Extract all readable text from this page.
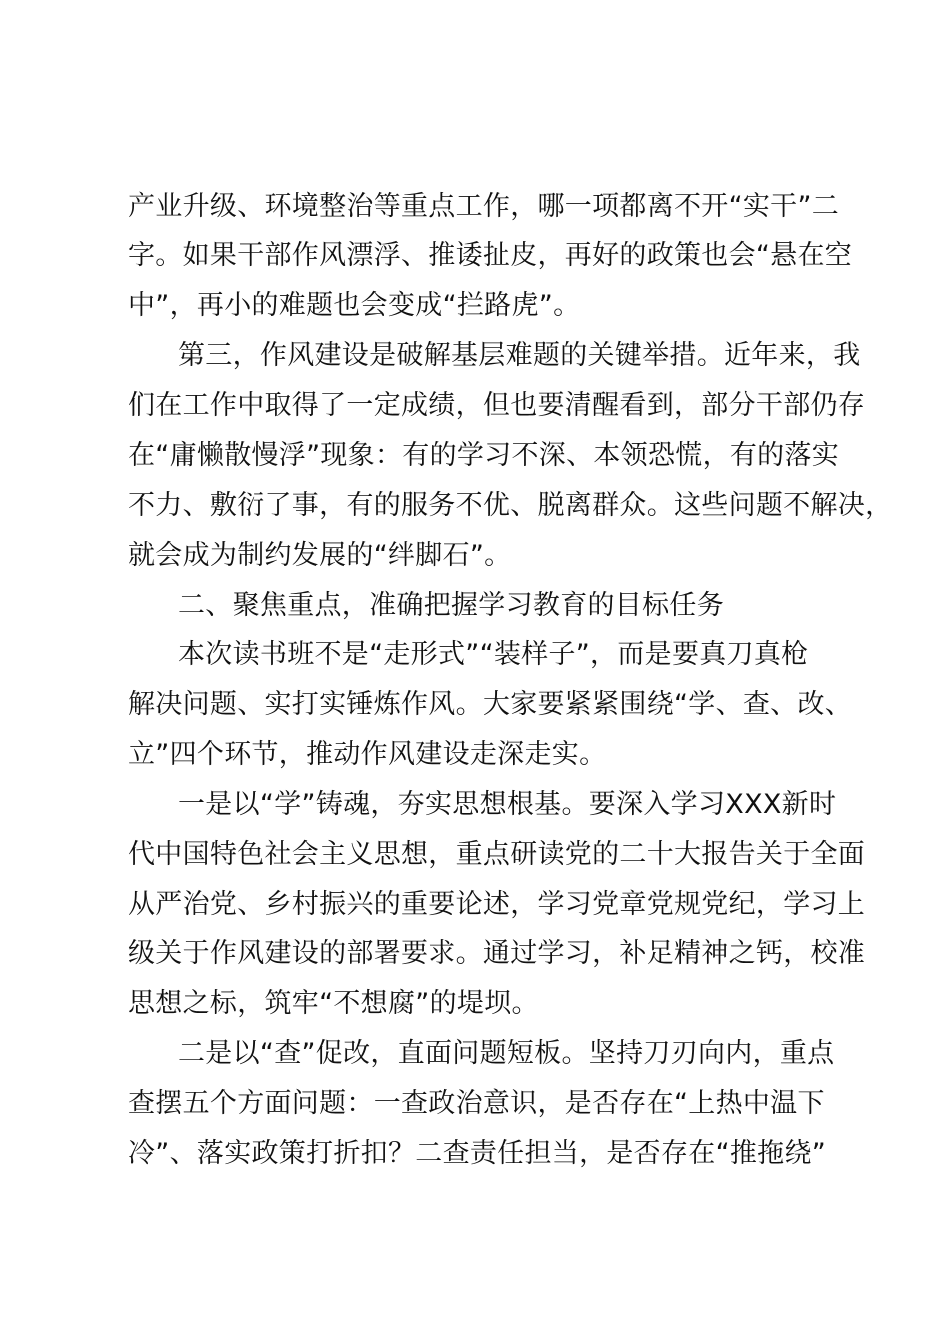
产业升级、环境整治等重点工作，哪一项都离不开“实干”二
字。如果干部作风漂浮、推诿扯皮，再好的政策也会“悬在空
中”，再小的难题也会变成“拦路虎”。
第三，作风建设是破解基层难题的关键举措。近年来，我
们在工作中取得了一定成绩，但也要清醒看到，部分干部仍存
在“庸懒散慢浮”现象：有的学习不深、本领恐慌，有的落实
不力、敷衍了事，有的服务不优、脱离群众。这些问题不解决，
就会成为制约发展的“绊脚石”。
二、聚焦重点，准确把握学习教育的目标任务
本次读书班不是“走形式”“装样子”，而是要真刀真枪
解决问题、实打实锤炼作风。大家要紧紧围绕“学、查、改、
立”四个环节，推动作风建设走深走实。
一是以“学”铸魂，夯实思想根基。要深入学习XXX新时
代中国特色社会主义思想，重点研读党的二十大报告关于全面
从严治党、乡村振兴的重要论述，学习党章党规党纪，学习上
级关于作风建设的部署要求。通过学习，补足精神之钙，校准
思想之标，筑牢“不想腐”的堤坝。
二是以“查”促改，直面问题短板。坚持刀刃向内，重点
查摆五个方面问题：一查政治意识，是否存在“上热中温下
冷”、落实政策打折扣？二查责任担当，是否存在“推拖绕”
